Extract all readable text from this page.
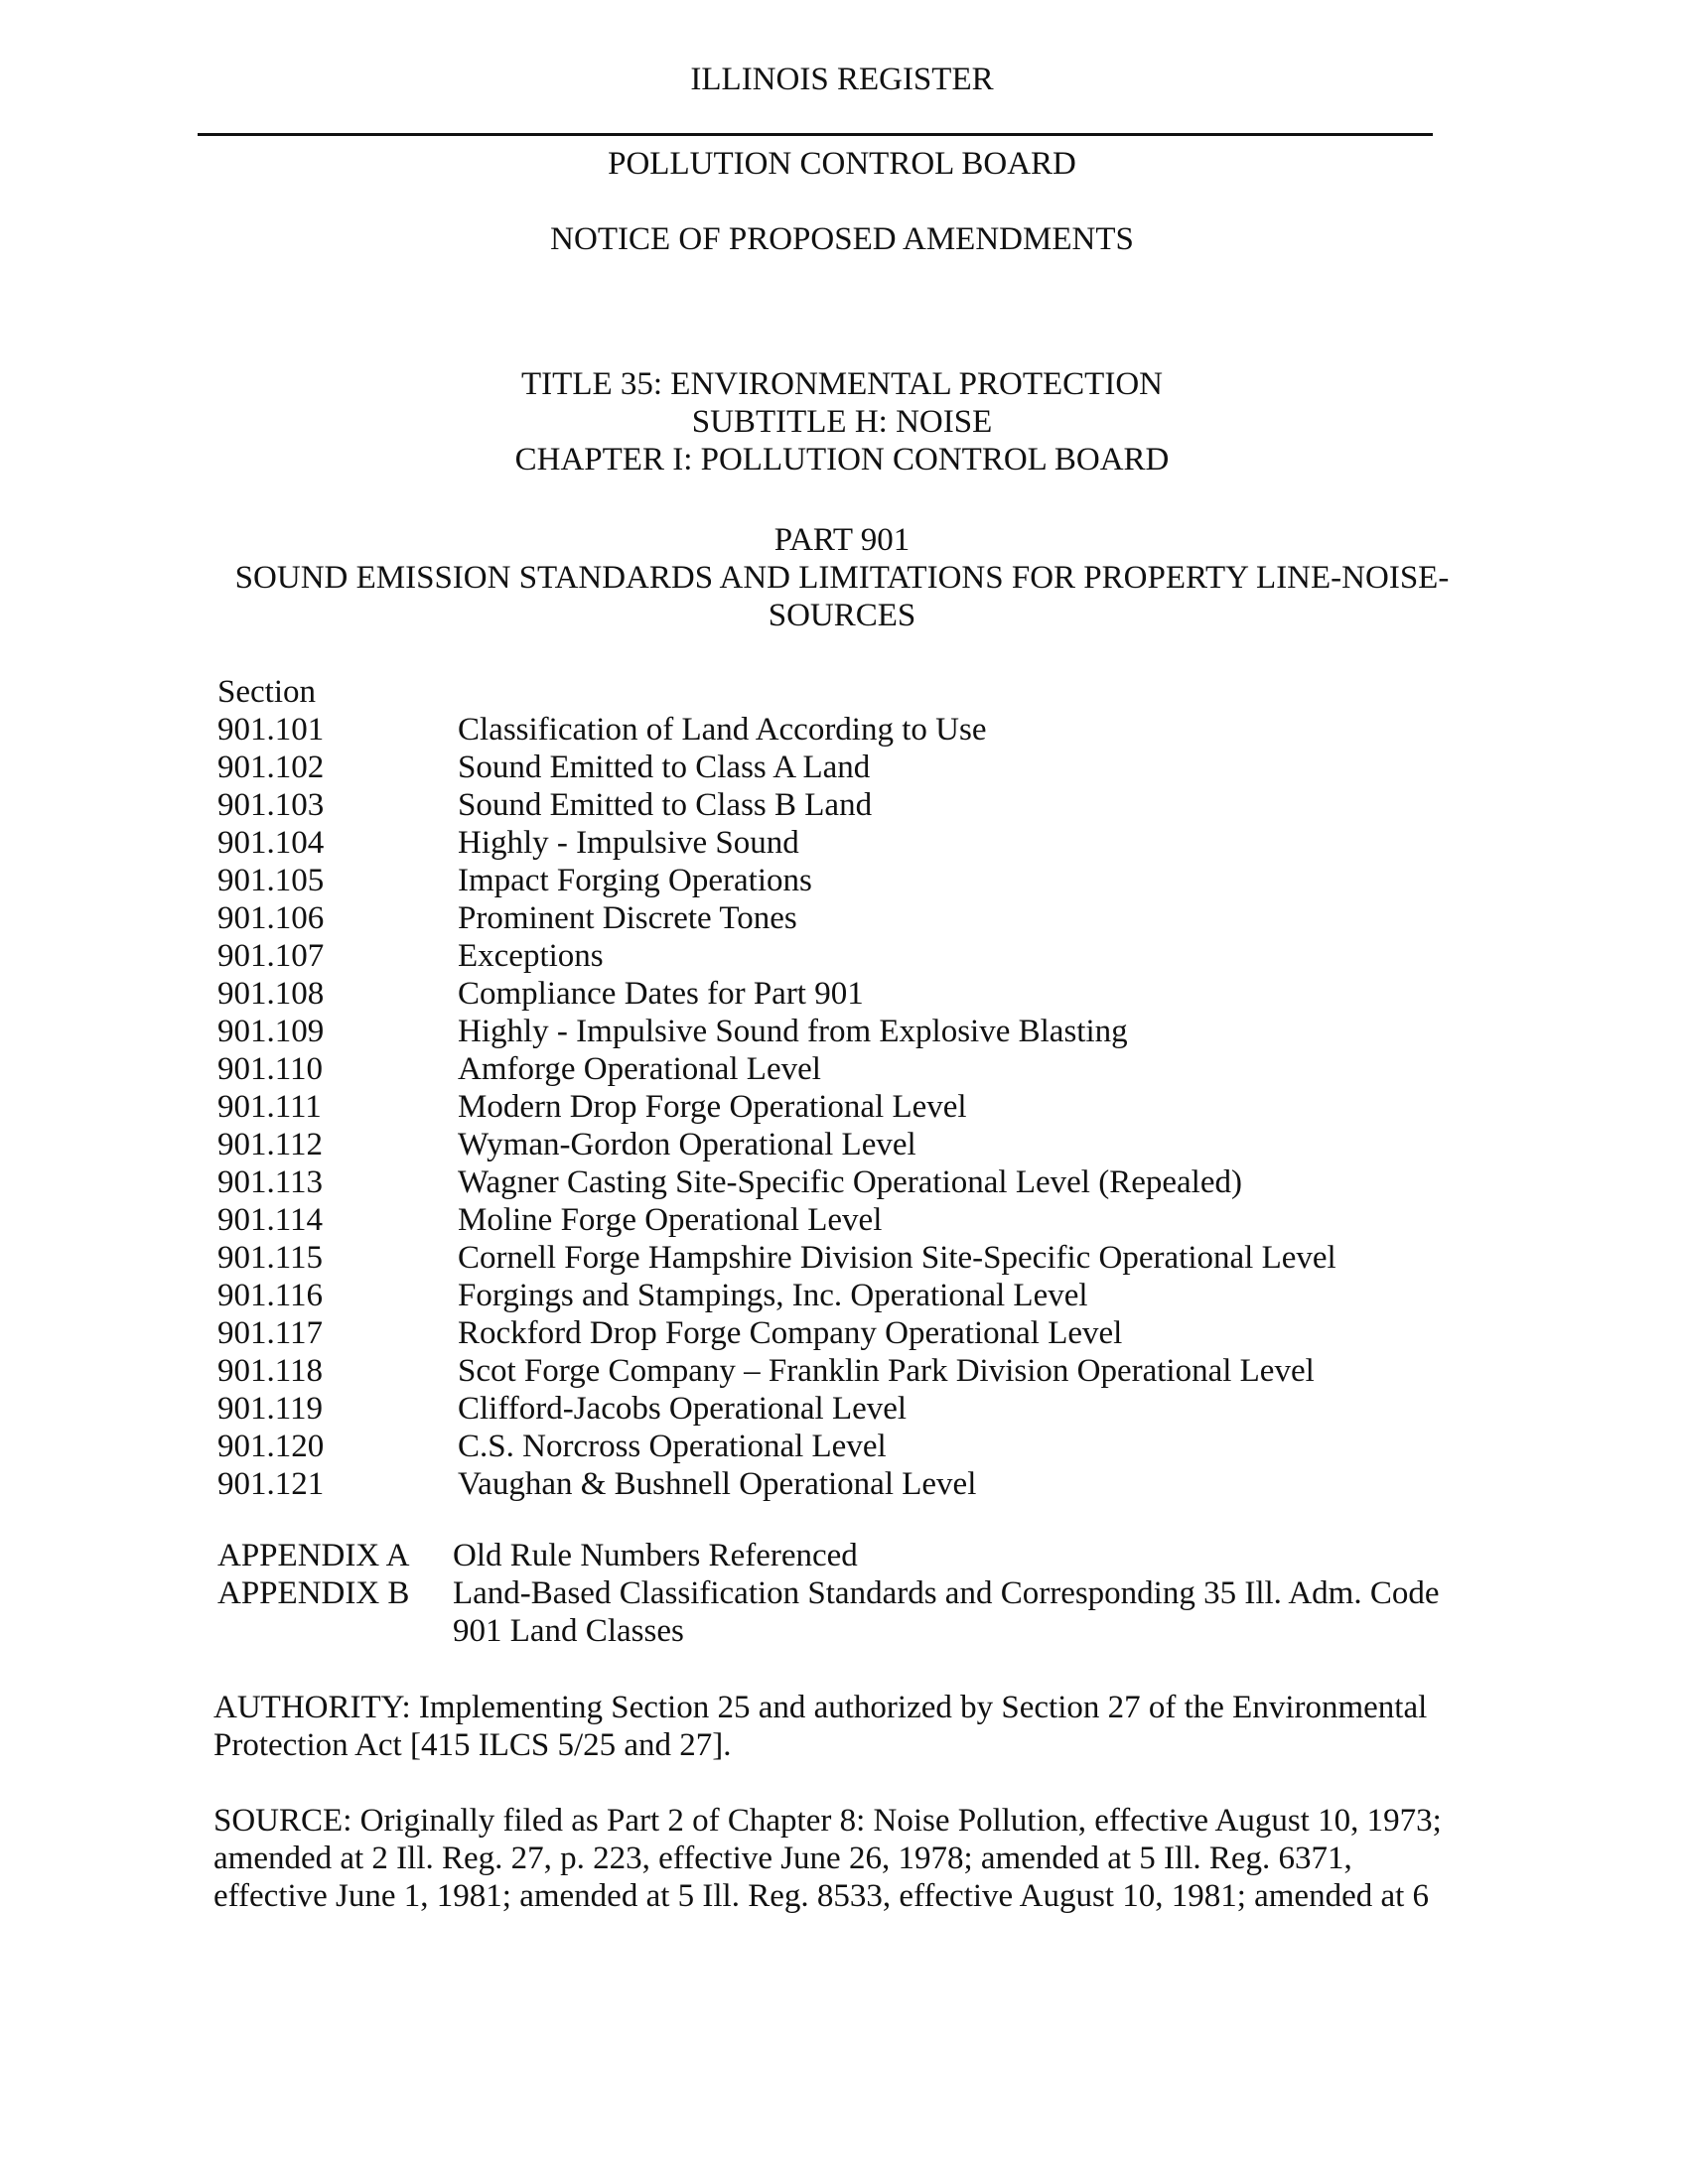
ILLINOIS REGISTER
POLLUTION CONTROL BOARD
NOTICE OF PROPOSED AMENDMENTS
TITLE 35: ENVIRONMENTAL PROTECTION
SUBTITLE H: NOISE
CHAPTER I: POLLUTION CONTROL BOARD
PART 901
SOUND EMISSION STANDARDS AND LIMITATIONS FOR PROPERTY LINE-NOISE-
SOURCES
Section
901.101	Classification of Land According to Use
901.102	Sound Emitted to Class A Land
901.103	Sound Emitted to Class B Land
901.104	Highly - Impulsive Sound
901.105	Impact Forging Operations
901.106	Prominent Discrete Tones
901.107	Exceptions
901.108	Compliance Dates for Part 901
901.109	Highly - Impulsive Sound from Explosive Blasting
901.110	Amforge Operational Level
901.111	Modern Drop Forge Operational Level
901.112	Wyman-Gordon Operational Level
901.113	Wagner Casting Site-Specific Operational Level (Repealed)
901.114	Moline Forge Operational Level
901.115	Cornell Forge Hampshire Division Site-Specific Operational Level
901.116	Forgings and Stampings, Inc. Operational Level
901.117	Rockford Drop Forge Company Operational Level
901.118	Scot Forge Company – Franklin Park Division Operational Level
901.119	Clifford-Jacobs Operational Level
901.120	C.S. Norcross Operational Level
901.121	Vaughan & Bushnell Operational Level
APPENDIX A	Old Rule Numbers Referenced
APPENDIX B	Land-Based Classification Standards and Corresponding 35 Ill. Adm. Code 901 Land Classes
AUTHORITY: Implementing Section 25 and authorized by Section 27 of the Environmental Protection Act [415 ILCS 5/25 and 27].
SOURCE: Originally filed as Part 2 of Chapter 8: Noise Pollution, effective August 10, 1973; amended at 2 Ill. Reg. 27, p. 223, effective June 26, 1978; amended at 5 Ill. Reg. 6371, effective June 1, 1981; amended at 5 Ill. Reg. 8533, effective August 10, 1981; amended at 6
